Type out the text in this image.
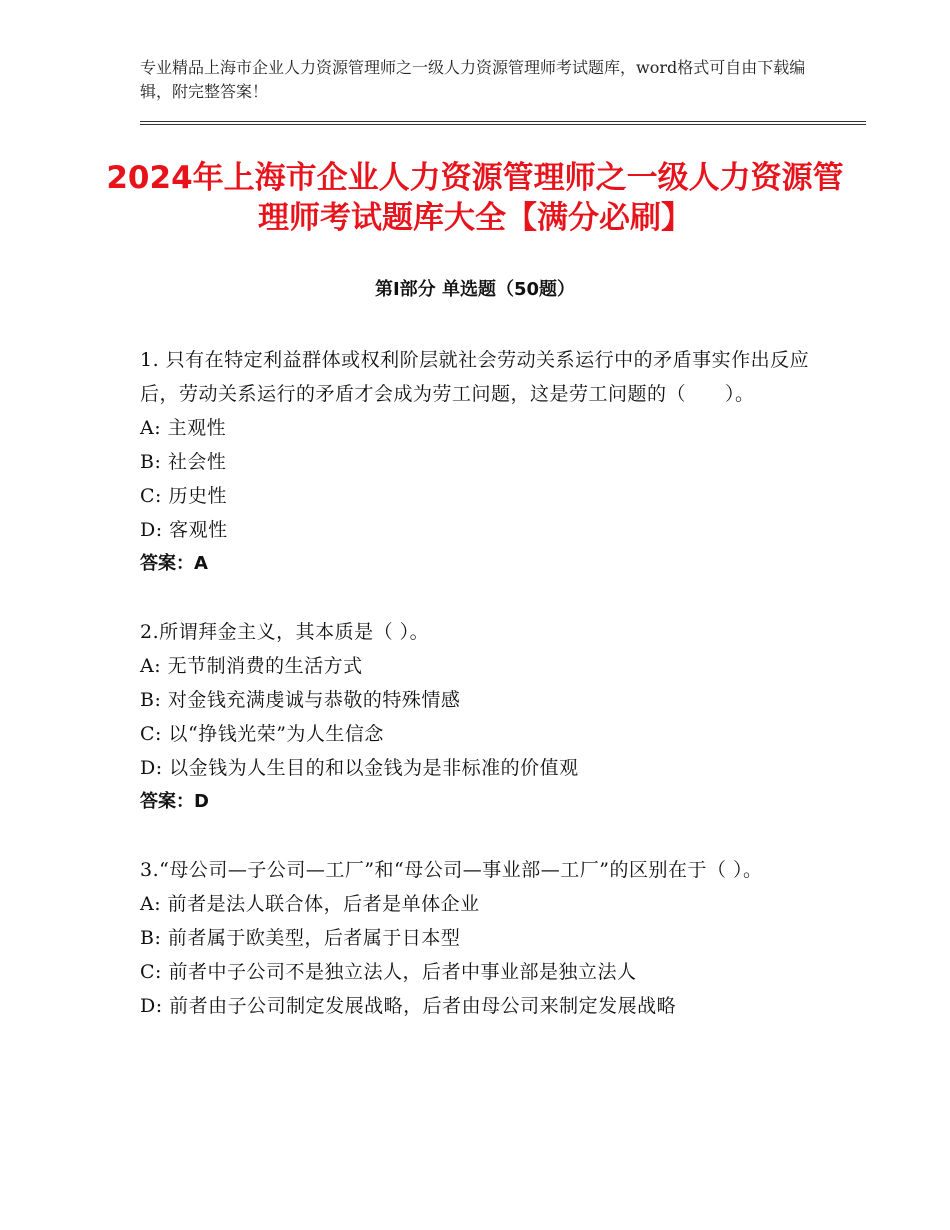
专业精品上海市企业人力资源管理师之一级人力资源管理师考试题库，word格式可自由下载编辑，附完整答案！
2024年上海市企业人力资源管理师之一级人力资源管理师考试题库大全【满分必刷】
第Ⅰ部分 单选题（50题）

1. 只有在特定利益群体或权利阶层就社会劳动关系运行中的矛盾事实作出反应后，劳动关系运行的矛盾才会成为劳工问题，这是劳工问题的（　　）。

A: 主观性
B: 社会性
C: 历史性
D: 客观性
答案：A

2.所谓拜金主义，其本质是（ ）。

A: 无节制消费的生活方式
B: 对金钱充满虔诚与恭敬的特殊情感
C: 以“挣钱光荣”为人生信念
D: 以金钱为人生目的和以金钱为是非标准的价值观
答案：D

3.“母公司—子公司—工厂”和“母公司—事业部—工厂”的区别在于（ ）。

A: 前者是法人联合体，后者是单体企业
B: 前者属于欧美型，后者属于日本型
C: 前者中子公司不是独立法人，后者中事业部是独立法人
D: 前者由子公司制定发展战略，后者由母公司来制定发展战略
